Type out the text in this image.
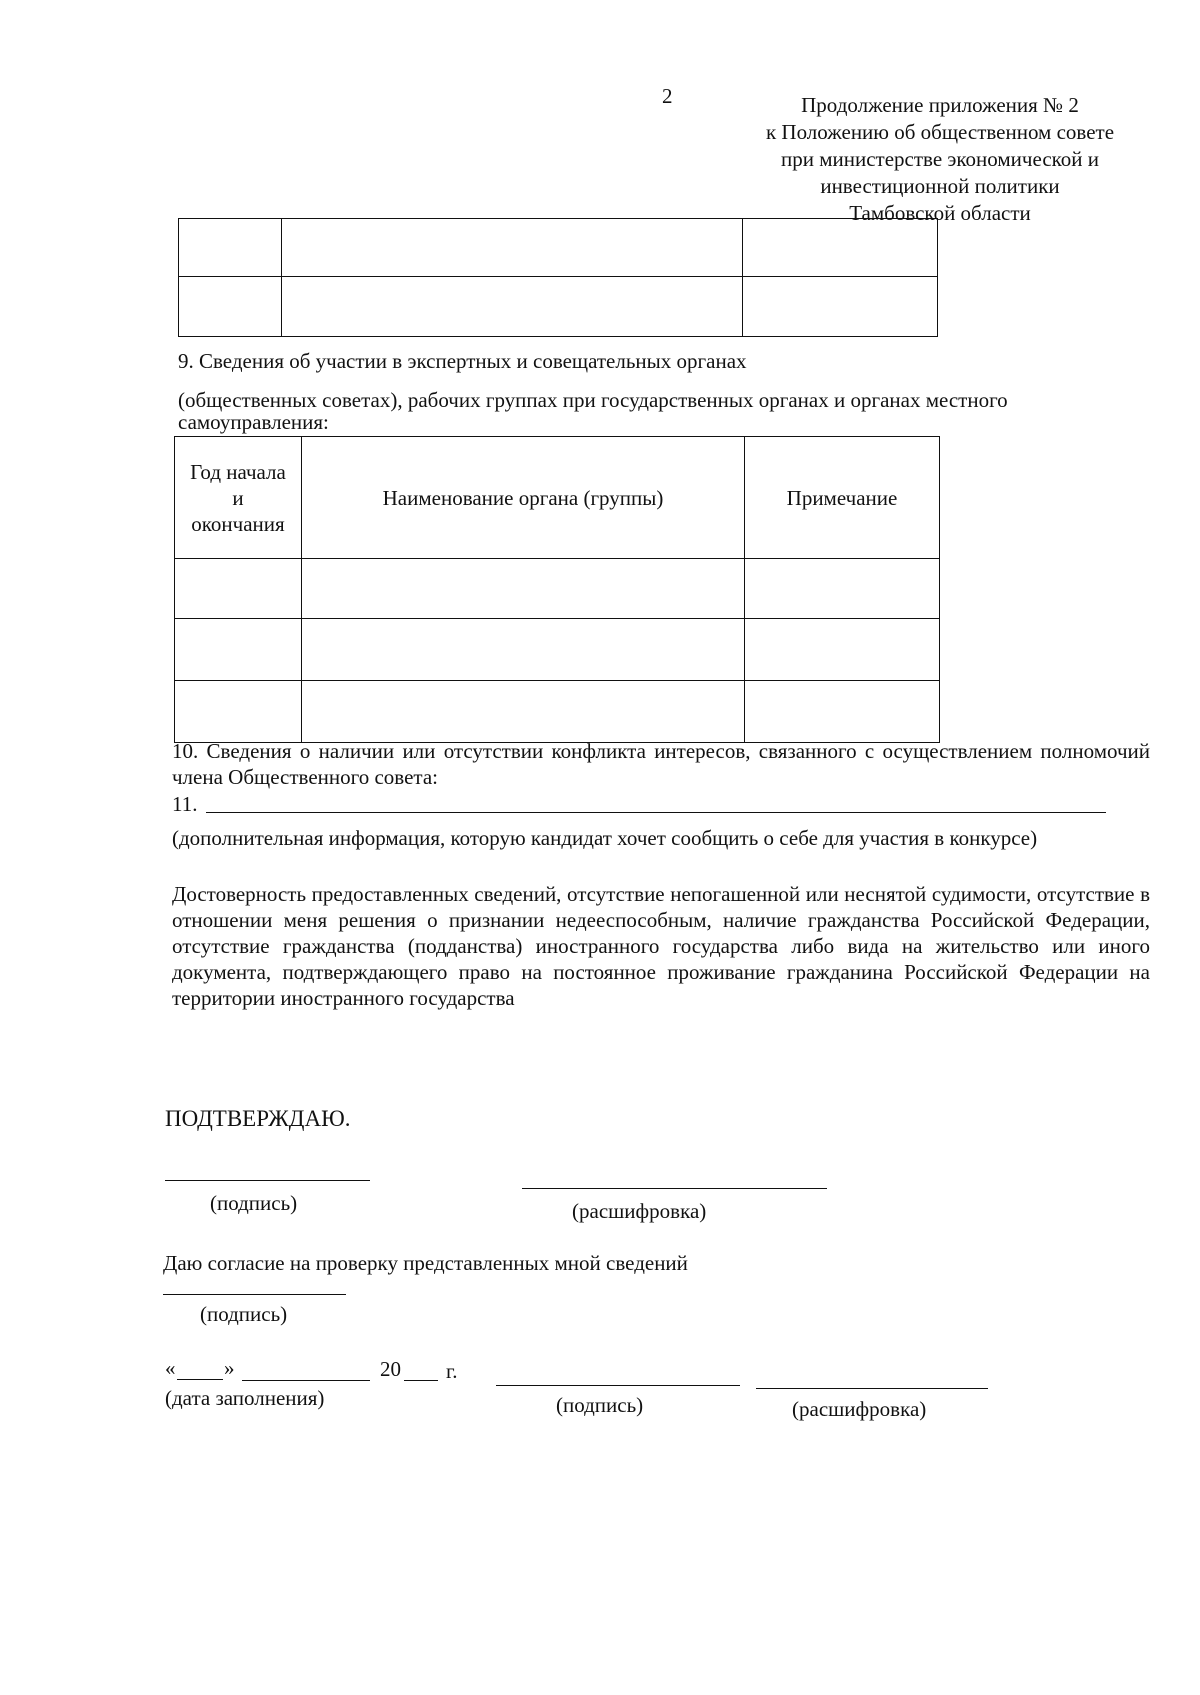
2	Продолжение приложения № 2
к Положению об общественном совете
при министерстве экономической и
инвестиционной политики
Тамбовской области

9. Сведения об участии в экспертных и совещательных органах
(общественных советах), рабочих группах при государственных органах и органах местного
самоуправления:
Год начала
и
окончания	Наименование органа (группы)	Примечание

10. Сведения о наличии или отсутствии конфликта интересов, связанного с осуществлением полномочий члена Общественного совета:
11.
(дополнительная информация, которую кандидат хочет сообщить о себе для участия в конкурсе)
Достоверность предоставленных сведений, отсутствие непогашенной или неснятой судимости, отсутствие в отношении меня решения о признании недееспособным, наличие гражданства Российской Федерации, отсутствие гражданства (подданства) иностранного государства либо вида на жительство или иного документа, подтверждающего право на постоянное проживание гражданина Российской Федерации на территории иностранного государства
ПОДТВЕРЖДАЮ.
(подпись)	(расшифровка)
Даю согласие на проверку представленных мной сведений
(подпись)
« »	20 г.
(дата заполнения)	(подпись)	(расшифровка)
